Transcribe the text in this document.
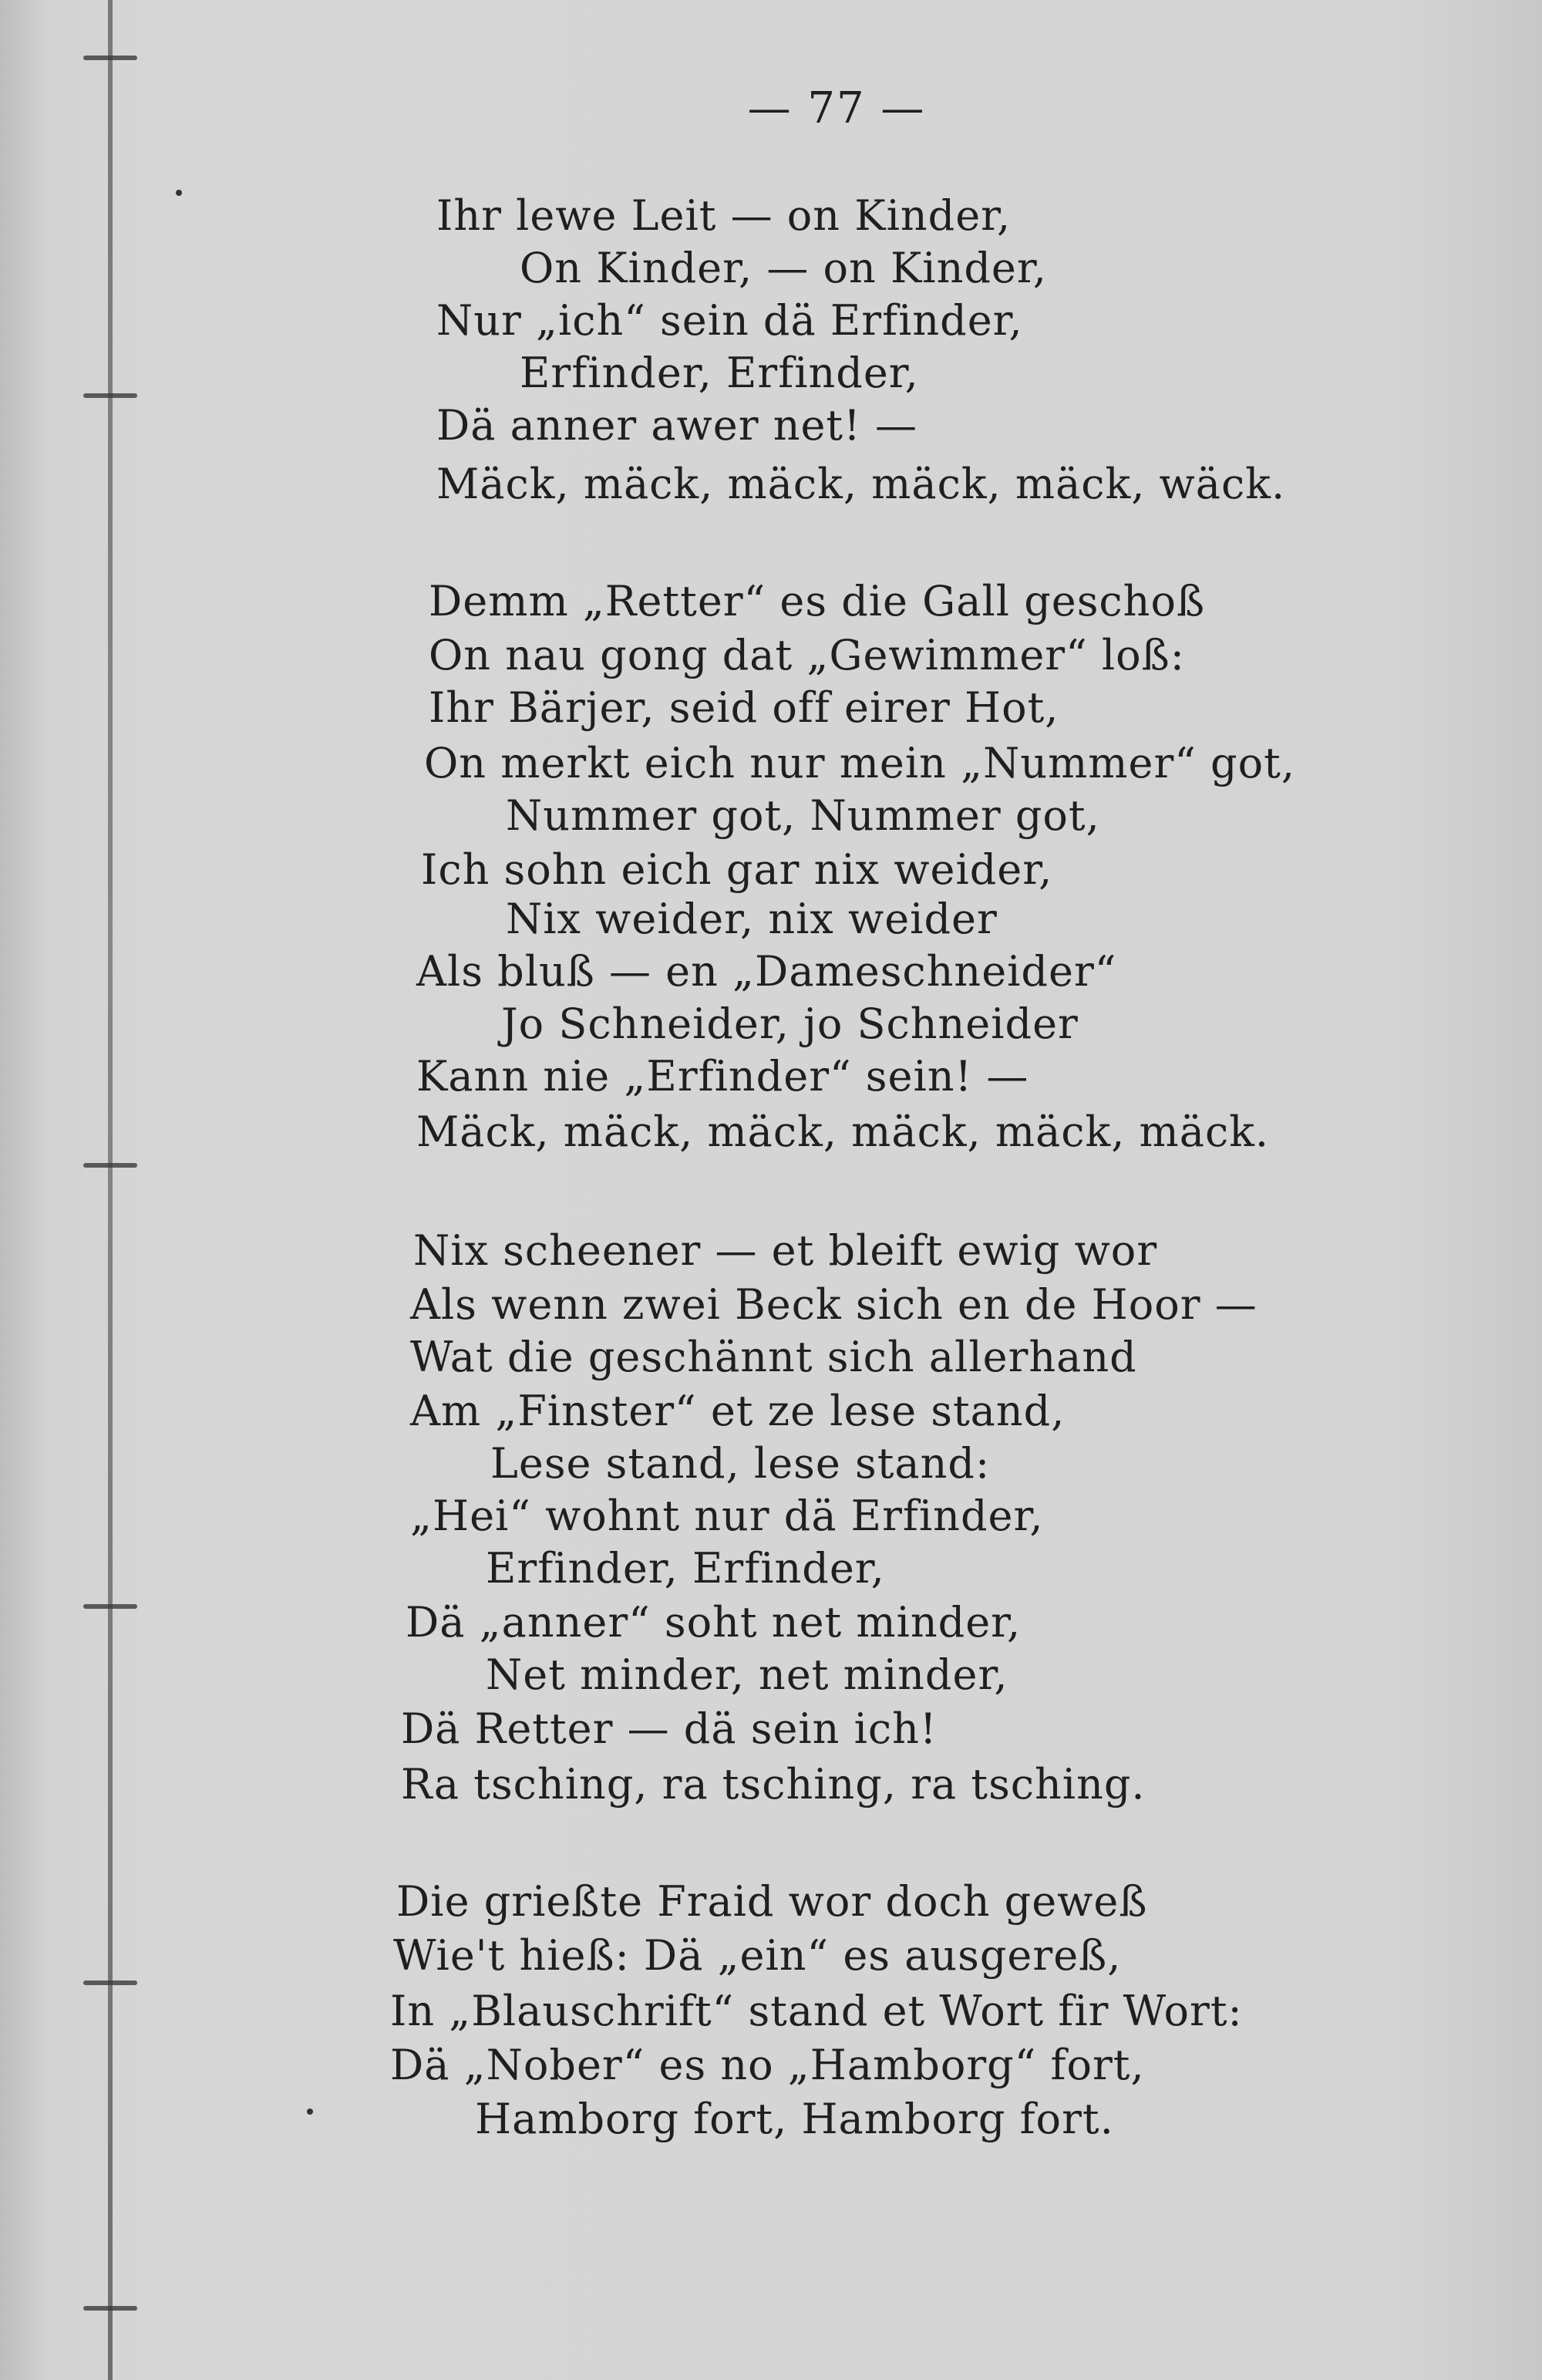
— 77 —
Ihr lewe Leit — on Kinder,
On Kinder, — on Kinder,
Nur „ich“ sein dä Erfinder,
Erfinder, Erfinder,
Dä anner awer net! —
Mäck, mäck, mäck, mäck, mäck, wäck.
Demm „Retter“ es die Gall geschoß
On nau gong dat „Gewimmer“ loß:
Ihr Bärjer, seid off eirer Hot,
On merkt eich nur mein „Nummer“ got,
Nummer got, Nummer got,
Ich sohn eich gar nix weider,
Nix weider, nix weider
Als bluß — en „Dameschneider“
Jo Schneider, jo Schneider
Kann nie „Erfinder“ sein! —
Mäck, mäck, mäck, mäck, mäck, mäck.
Nix scheener — et bleift ewig wor
Als wenn zwei Beck sich en de Hoor —
Wat die geschännt sich allerhand
Am „Finster“ et ze lese stand,
Lese stand, lese stand:
„Hei“ wohnt nur dä Erfinder,
Erfinder, Erfinder,
Dä „anner“ soht net minder,
Net minder, net minder,
Dä Retter — dä sein ich!
Ra tsching, ra tsching, ra tsching.
Die grießte Fraid wor doch geweß
Wie't hieß: Dä „ein“ es ausgereß,
In „Blauschrift“ stand et Wort fir Wort:
Dä „Nober“ es no „Hamborg“ fort,
Hamborg fort, Hamborg fort.
